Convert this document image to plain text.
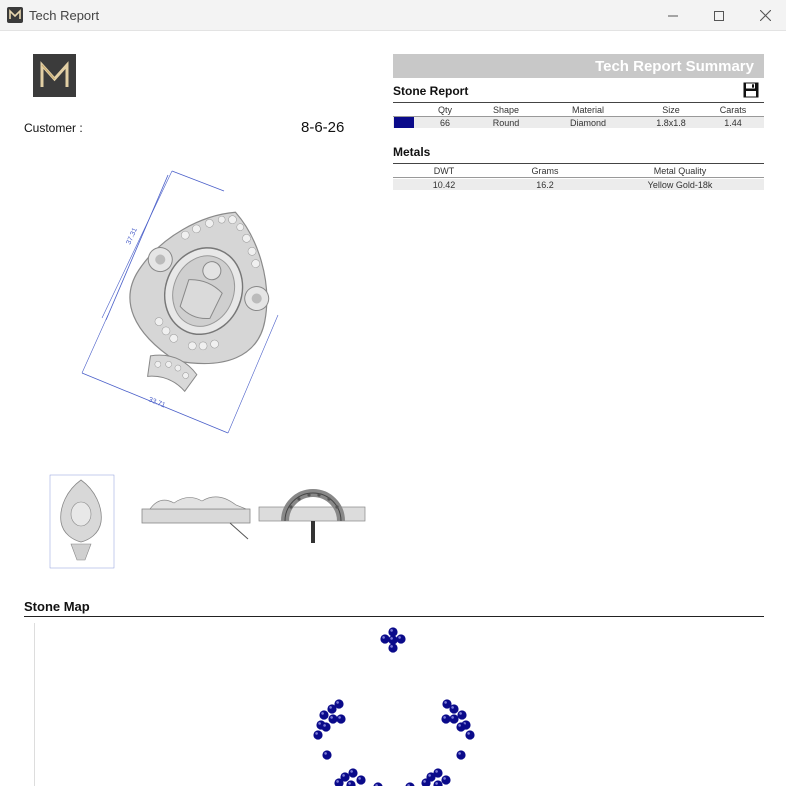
Tech Report
Customer :	8-6-26
37.31
33.71
Tech Report Summary
Stone Report
Qty	Shape	Material	Size	Carats
66	Round	Diamond	1.8x1.8	1.44
Metals
DWT	Grams	Metal Quality
10.42	16.2	Yellow Gold-18k
Stone Map
